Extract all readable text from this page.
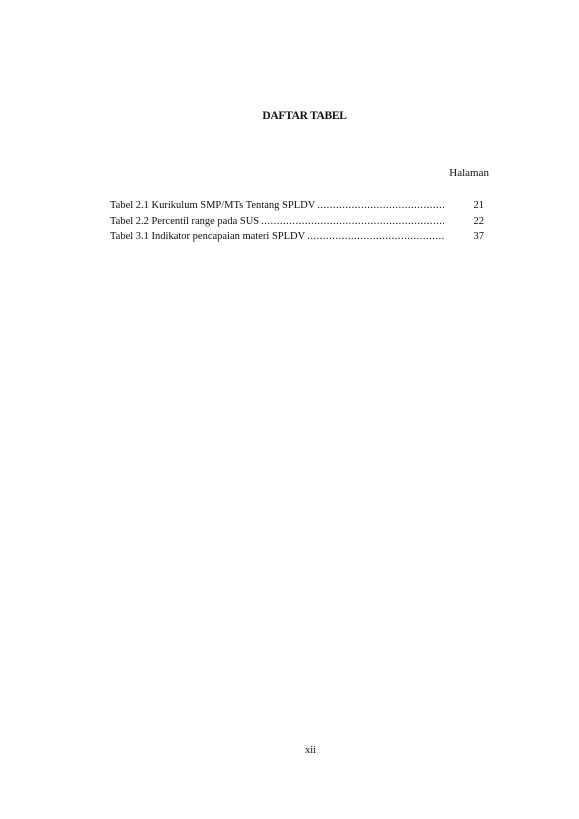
DAFTAR TABEL
Halaman
Tabel 2.1 Kurikulum SMP/MTs Tentang SPLDV .....	21
Tabel 2.2 Percentil range pada SUS .....	22
Tabel 3.1 Indikator pencapaian materi SPLDV .....	37
xii
